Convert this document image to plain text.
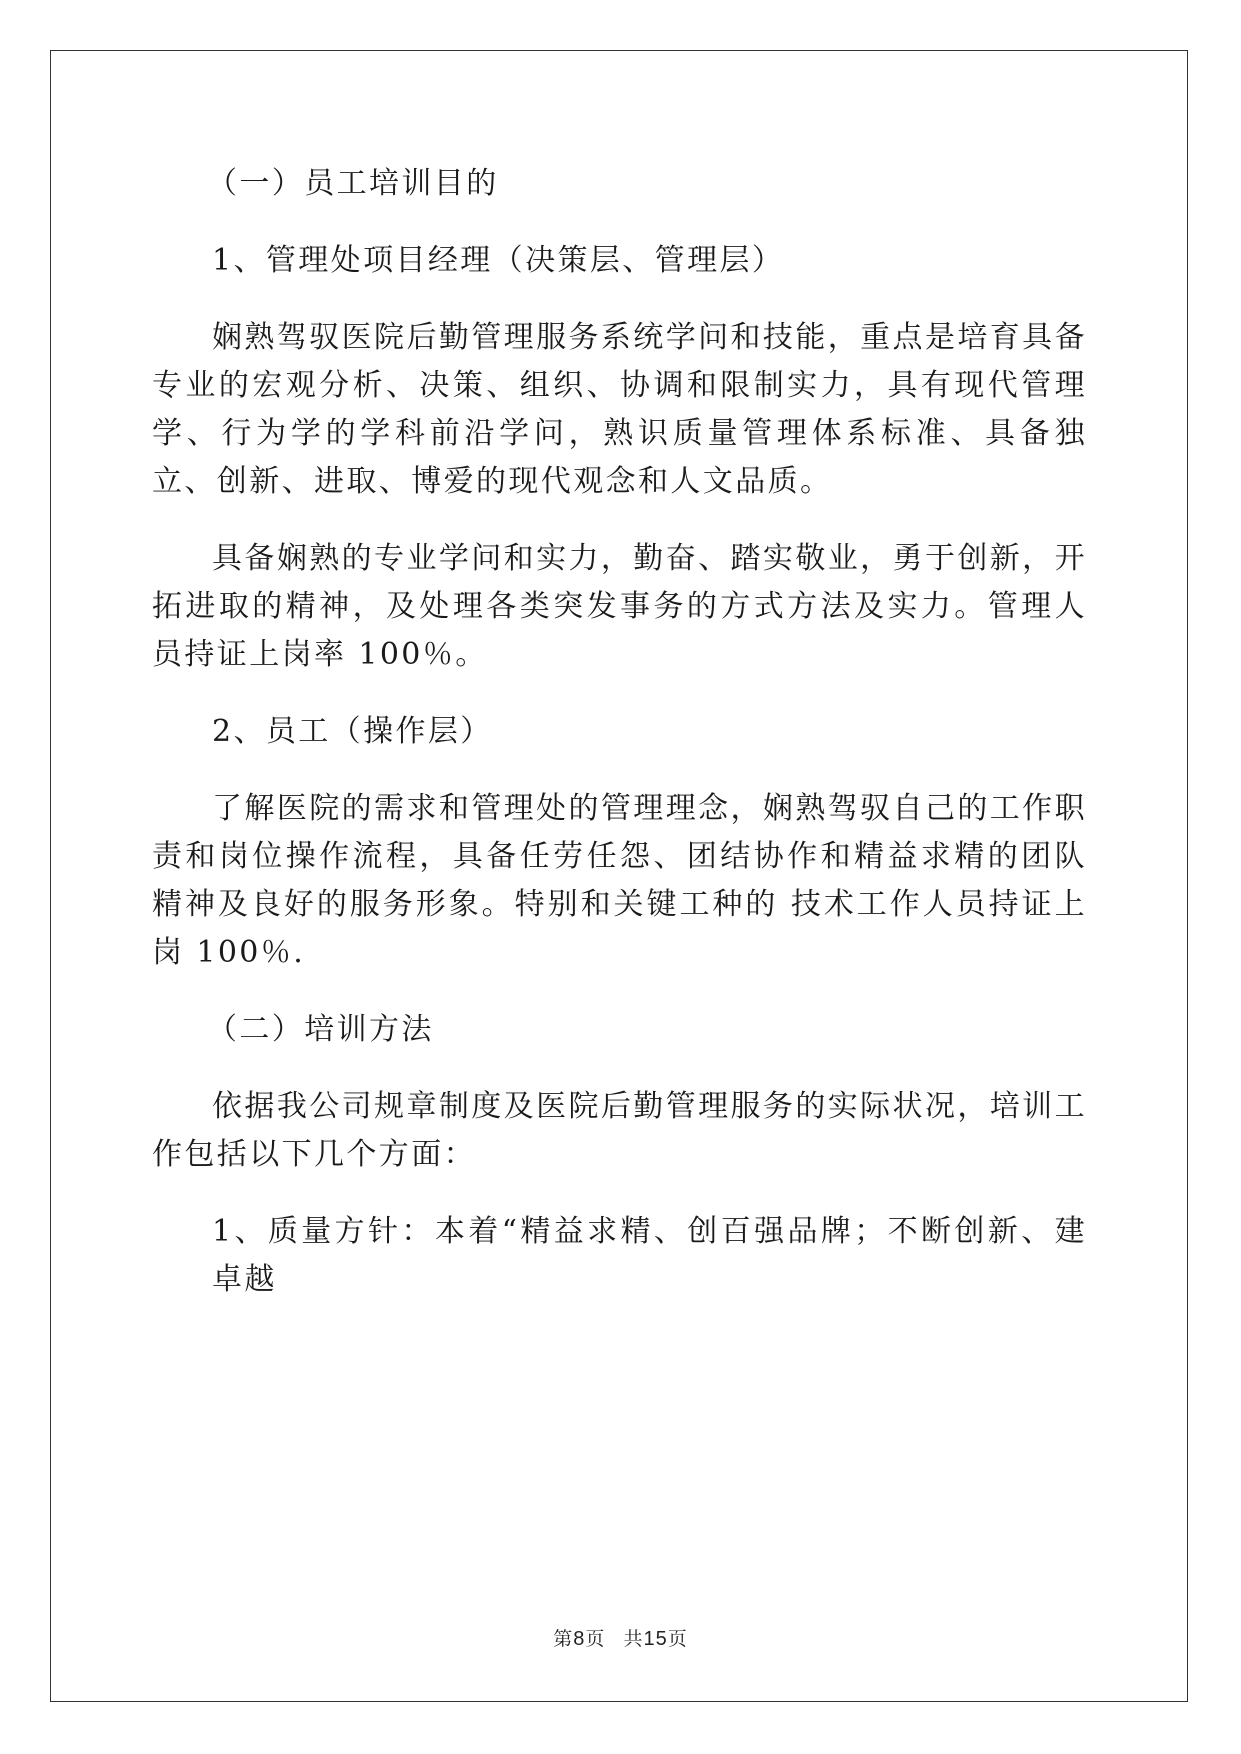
（一）员工培训目的

1、管理处项目经理（决策层、管理层）

娴熟驾驭医院后勤管理服务系统学问和技能，重点是培育具备专业的宏观分析、决策、组织、协调和限制实力，具有现代管理学、行为学的学科前沿学问，熟识质量管理体系标准、具备独立、创新、进取、博爱的现代观念和人文品质。

具备娴熟的专业学问和实力，勤奋、踏实敬业，勇于创新，开拓进取的精神，及处理各类突发事务的方式方法及实力。管理人员持证上岗率 100％。

2、员工（操作层）

了解医院的需求和管理处的管理理念，娴熟驾驭自己的工作职责和岗位操作流程，具备任劳任怨、团结协作和精益求精的团队精神及良好的服务形象。特别和关键工种的 技术工作人员持证上岗 100％.

（二）培训方法

依据我公司规章制度及医院后勤管理服务的实际状况，培训工作包括以下几个方面：

1、质量方针：本着“精益求精、创百强品牌；不断创新、建卓越

第8页 共15页
